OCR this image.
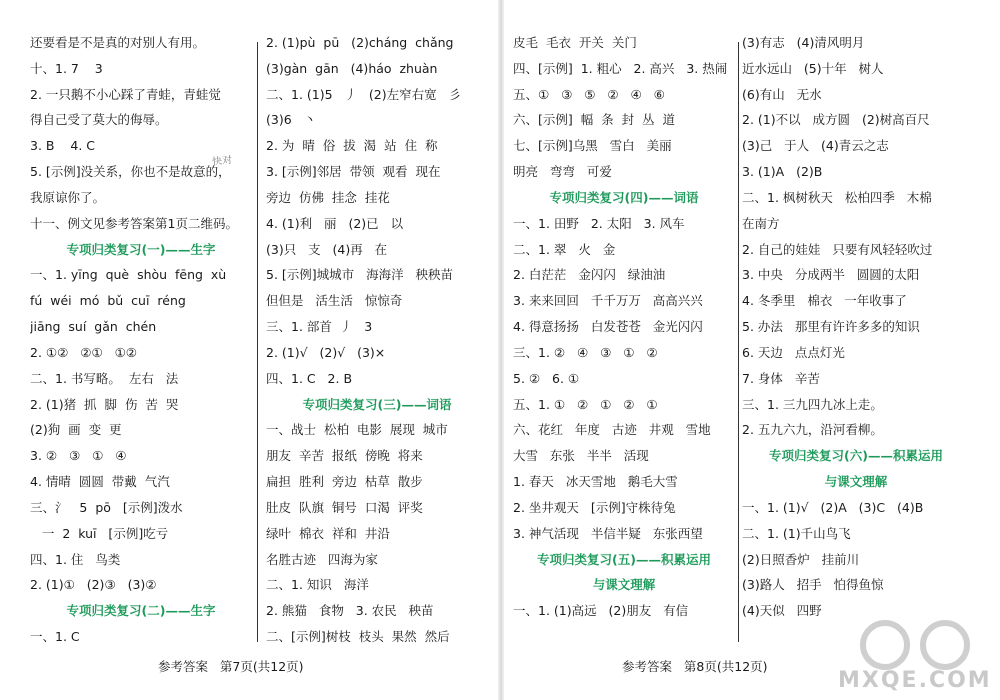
还要看是不是真的对别人有用。
十、1. 7    3
2. 一只鹅不小心踩了青蛙，青蛙觉
得自己受了莫大的侮辱。
3. B    4. C
5. [示例]没关系，你也不是故意的，
我原谅你了。
十一、例文见参考答案第1页二维码。
专项归类复习(一)——生字
一、1. yīng  què  shòu  fēng  xù
fú  wéi  mó  bǔ  cuī  réng
jiāng  suí  gǎn  chén
2. ①②   ②①   ①②
二、1. 书写略。  左右   法
2. (1)猪  抓  脚  伤  苦  哭
(2)狗  画  变  更
3. ②   ③   ①   ④
4. 情晴  圆圆  带戴  气汽
三、氵   5  pō   [示例]泼水
一  2  kuī   [示例]吃亏
四、1. 住   鸟类
2. (1)①   (2)③   (3)②
专项归类复习(二)——生字
一、1. C
2. (1)pù  pū   (2)cháng  chǎng
(3)gàn  gān   (4)háo  zhuàn
二、1. (1)5   丿   (2)左窄右宽   彡
(3)6   丶
2. 为  晴  俗  拔  渴  站  住  称
3. [示例]邻居  带领  观看  现在
旁边  仿佛  挂念  挂花
4. (1)利   丽   (2)已   以
(3)只   支   (4)再   在
5. [示例]城城市   海海洋   秧秧苗
但但是   活生活   惊惊奇
三、1. 部首  丿   3
2. (1)√   (2)√   (3)×
四、1. C   2. B
专项归类复习(三)——词语
一、战士  松柏  电影  展现  城市
朋友  辛苦  报纸  傍晚  将来
扁担  胜利  旁边  枯草  散步
肚皮  队旗  铜号  口渴  评奖
绿叶  棉衣  祥和  井沿
名胜古迹   四海为家
二、1. 知识   海洋
2. 熊猫   食物   3. 农民   秧苗
二、[示例]树枝  枝头  果然  然后
皮毛  毛衣  开关  关门
四、[示例]  1. 粗心   2. 高兴   3. 热闹
五、①   ③   ⑤   ②   ④   ⑥
六、[示例]  幅  条  封  丛  道
七、[示例]乌黑   雪白   美丽
明亮   弯弯   可爱
专项归类复习(四)——词语
一、1. 田野   2. 太阳   3. 风车
二、1. 翠   火   金
2. 白茫茫   金闪闪   绿油油
3. 来来回回   千千万万   高高兴兴
4. 得意扬扬   白发苍苍   金光闪闪
三、1. ②   ④   ③   ①   ②
5. ②   6. ①
五、1. ①   ②   ①   ②   ①
六、花红   年度   古迹   井观   雪地
大雪   东张   半半   活现
1. 春天   冰天雪地   鹅毛大雪
2. 坐井观天   [示例]守株待兔
3. 神气活现   半信半疑   东张西望
专项归类复习(五)——积累运用
与课文理解
一、1. (1)高远   (2)朋友   有信
(3)有志   (4)清风明月
近水远山   (5)十年   树人
(6)有山   无水
2. (1)不以   成方圆   (2)树高百尺
(3)己   于人   (4)青云之志
3. (1)A   (2)B
二、1. 枫树秋天   松柏四季   木棉
在南方
2. 自己的娃娃   只要有风轻轻吹过
3. 中央   分成两半   圆圆的太阳
4. 冬季里   棉衣   一年收事了
5. 办法   那里有许许多多的知识
6. 天边   点点灯光
7. 身体   辛苦
三、1. 三九四九冰上走。
2. 五九六九，沿河看柳。
专项归类复习(六)——积累运用
与课文理解
一、1. (1)√   (2)A   (3)C   (4)B
二、1. (1)千山鸟飞
(2)日照香炉   挂前川
(3)路人   招手   怕得鱼惊
(4)天似   四野
快对
参考答案   第7页(共12页)	参考答案   第8页(共12页)
MXQE.COM
